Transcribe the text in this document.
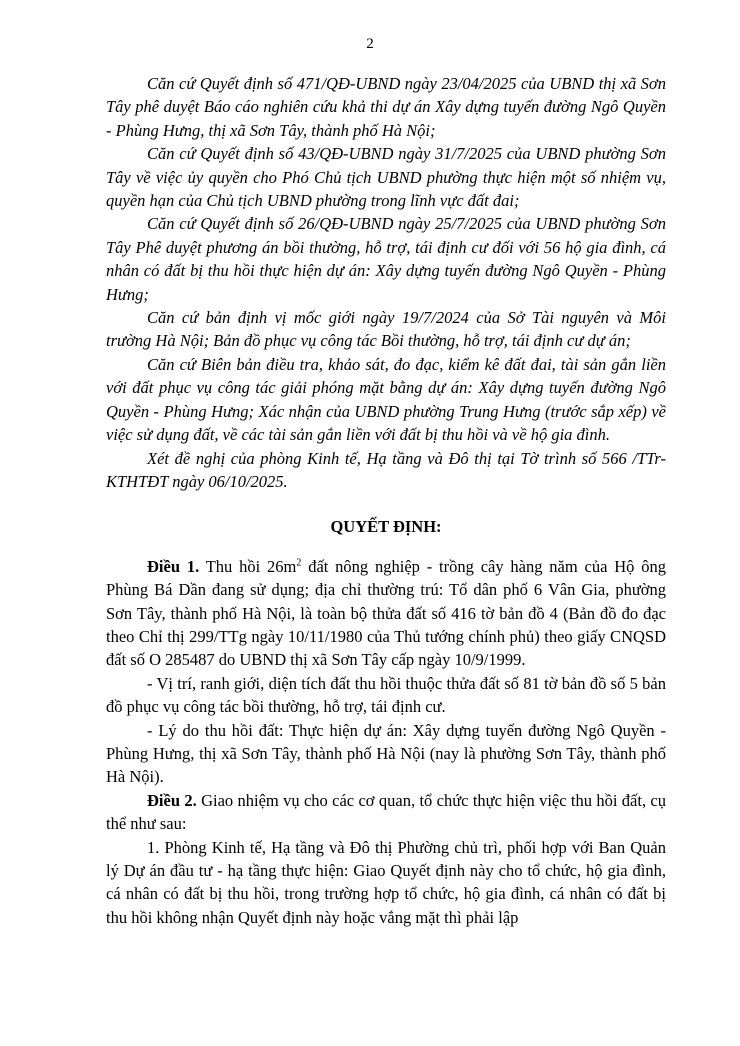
2

Căn cứ Quyết định số 471/QĐ-UBND ngày 23/04/2025 của UBND thị xã Sơn Tây phê duyệt Báo cáo nghiên cứu khả thi dự án Xây dựng tuyến đường Ngô Quyền - Phùng Hưng, thị xã Sơn Tây, thành phố Hà Nội;

Căn cứ Quyết định số 43/QĐ-UBND ngày 31/7/2025 của UBND phường Sơn Tây về việc ủy quyền cho Phó Chủ tịch UBND phường thực hiện một số nhiệm vụ, quyền hạn của Chủ tịch UBND phường trong lĩnh vực đất đai;

Căn cứ Quyết định số 26/QĐ-UBND ngày 25/7/2025 của UBND phường Sơn Tây Phê duyệt phương án bồi thường, hỗ trợ, tái định cư đối với 56 hộ gia đình, cá nhân có đất bị thu hồi thực hiện dự án: Xây dựng tuyến đường Ngô Quyền - Phùng Hưng;

Căn cứ bản định vị mốc giới ngày 19/7/2024 của Sở Tài nguyên và Môi trường Hà Nội; Bản đồ phục vụ công tác Bồi thường, hỗ trợ, tái định cư dự án;

Căn cứ Biên bản điều tra, khảo sát, đo đạc, kiểm kê đất đai, tài sản gắn liền với đất phục vụ công tác giải phóng mặt bằng dự án: Xây dựng tuyến đường Ngô Quyền - Phùng Hưng; Xác nhận của UBND phường Trung Hưng (trước sắp xếp) về việc sử dụng đất, về các tài sản gắn liền với đất bị thu hồi và về hộ gia đình.

Xét đề nghị của phòng Kinh tế, Hạ tầng và Đô thị tại Tờ trình số 566 /TTr-KTHTĐT ngày 06/10/2025.

QUYẾT ĐỊNH:

Điều 1. Thu hồi $26m^2$ đất nông nghiệp - trồng cây hàng năm của Hộ ông Phùng Bá Dần đang sử dụng; địa chỉ thường trú: Tổ dân phố 6 Vân Gia, phường Sơn Tây, thành phố Hà Nội, là toàn bộ thửa đất số 416 tờ bản đồ 4 (Bản đồ đo đạc theo Chỉ thị 299/TTg ngày 10/11/1980 của Thủ tướng chính phủ) theo giấy CNQSD đất số O 285487 do UBND thị xã Sơn Tây cấp ngày 10/9/1999.

- Vị trí, ranh giới, diện tích đất thu hồi thuộc thửa đất số 81 tờ bản đồ số 5 bản đồ phục vụ công tác bồi thường, hỗ trợ, tái định cư.

- Lý do thu hồi đất: Thực hiện dự án: Xây dựng tuyến đường Ngô Quyền - Phùng Hưng, thị xã Sơn Tây, thành phố Hà Nội (nay là phường Sơn Tây, thành phố Hà Nội).

Điều 2. Giao nhiệm vụ cho các cơ quan, tổ chức thực hiện việc thu hồi đất, cụ thể như sau:

1. Phòng Kinh tế, Hạ tầng và Đô thị Phường chủ trì, phối hợp với Ban Quản lý Dự án đầu tư - hạ tầng thực hiện: Giao Quyết định này cho tổ chức, hộ gia đình, cá nhân có đất bị thu hồi, trong trường hợp tổ chức, hộ gia đình, cá nhân có đất bị thu hồi không nhận Quyết định này hoặc vắng mặt thì phải lập
